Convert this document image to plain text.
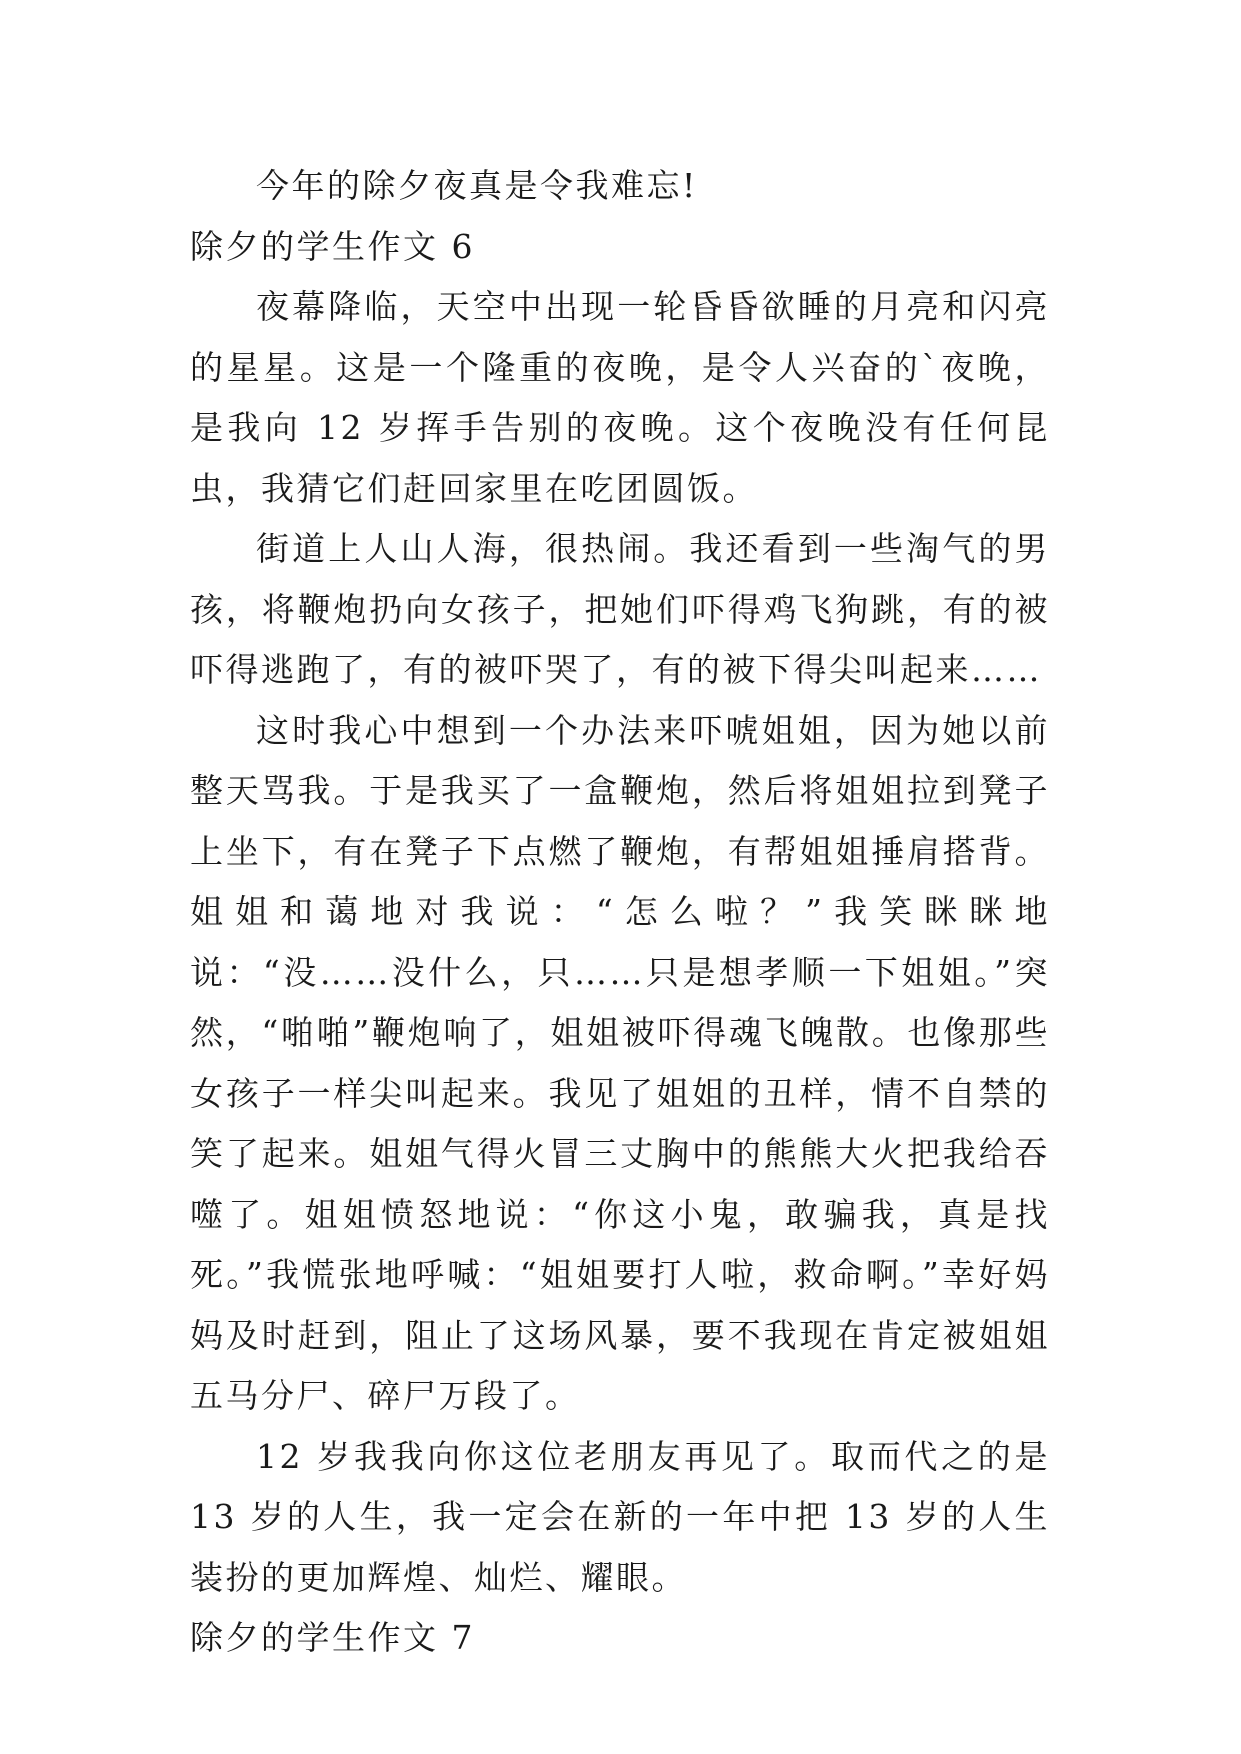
今年的除夕夜真是令我难忘!

除夕的学生作文 6

夜幕降临，天空中出现一轮昏昏欲睡的月亮和闪亮的星星。这是一个隆重的夜晚，是令人兴奋的`夜晚，是我向 12 岁挥手告别的夜晚。这个夜晚没有任何昆虫，我猜它们赶回家里在吃团圆饭。

街道上人山人海，很热闹。我还看到一些淘气的男孩，将鞭炮扔向女孩子，把她们吓得鸡飞狗跳，有的被吓得逃跑了，有的被吓哭了，有的被下得尖叫起来……

这时我心中想到一个办法来吓唬姐姐，因为她以前整天骂我。于是我买了一盒鞭炮，然后将姐姐拉到凳子上坐下，有在凳子下点燃了鞭炮，有帮姐姐捶肩搭背。姐姐和蔼地对我说：“怎么啦？”我笑眯眯地说：“没……没什么，只……只是想孝顺一下姐姐。”突然，“啪啪”鞭炮响了，姐姐被吓得魂飞魄散。也像那些女孩子一样尖叫起来。我见了姐姐的丑样，情不自禁的笑了起来。姐姐气得火冒三丈胸中的熊熊大火把我给吞噬了。姐姐愤怒地说：“你这小鬼，敢骗我，真是找死。”我慌张地呼喊：“姐姐要打人啦，救命啊。”幸好妈妈及时赶到，阻止了这场风暴，要不我现在肯定被姐姐五马分尸、碎尸万段了。

12 岁我我向你这位老朋友再见了。取而代之的是 13 岁的人生，我一定会在新的一年中把 13 岁的人生装扮的更加辉煌、灿烂、耀眼。

除夕的学生作文 7
